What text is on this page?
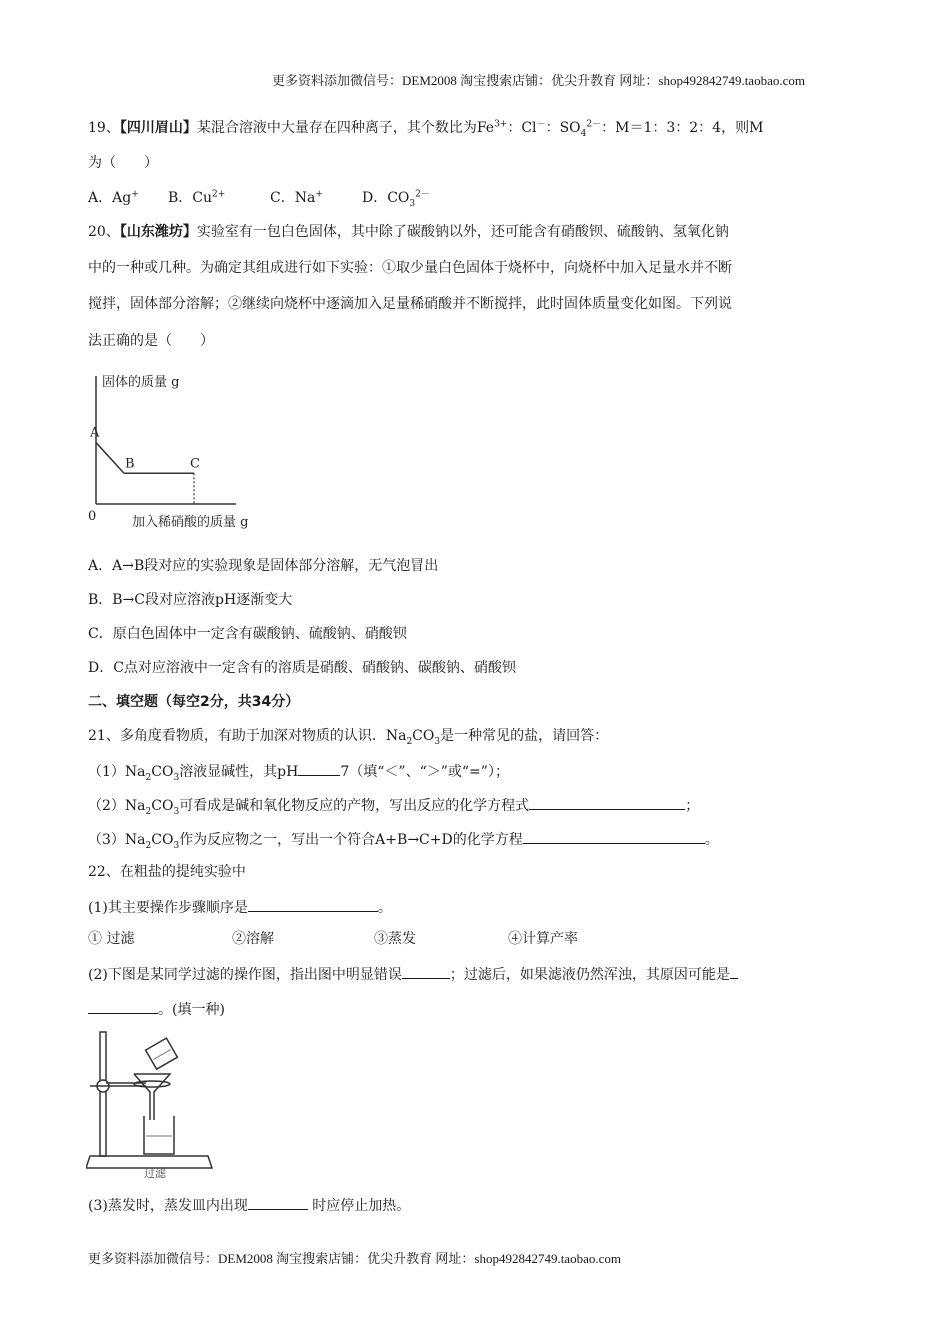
更多资料添加微信号：DEM2008 淘宝搜索店铺：优尖升教育 网址：shop492842749.taobao.com
19、【四川眉山】某混合溶液中大量存在四种离子，其个数比为$Fe^{3+}$：Cl－：$SO_4^{2-}$：M＝1：3：2：4，则M
为（　　）
A．Ag+ B．$Cu^{2+}$	C．Na+	D．$CO_3^{2-}$
20、【山东潍坊】实验室有一包白色固体，其中除了碳酸钠以外，还可能含有硝酸钡、硫酸钠、氢氧化钠
中的一种或几种。为确定其组成进行如下实验：①取少量白色固体于烧杯中，向烧杯中加入足量水并不断
搅拌，固体部分溶解；②继续向烧杯中逐滴加入足量稀硝酸并不断搅拌，此时固体质量变化如图。下列说
法正确的是（　　）
固体的质量 g
加入稀硝酸的质量 g
0
A
B	C
A．A→B段对应的实验现象是固体部分溶解，无气泡冒出
B．B→C段对应溶液pH逐渐变大
C．原白色固体中一定含有碳酸钠、硫酸钠、硝酸钡
D．C点对应溶液中一定含有的溶质是硝酸、硝酸钠、碳酸钠、硝酸钡
二、填空题（每空2分，共34分）
21、多角度看物质，有助于加深对物质的认识．$Na_2CO_3$是一种常见的盐，请回答：
$(1)Na_2CO_3$溶液显碱性，其pH	7（填“＜”、“＞”或“=”）；
$(2)Na_2CO_3$可看成是碱和氧化物反应的产物，写出反应的化学方程式	；
$(3)Na_2CO_3$作为反应物之一，写出一个符合A+B→C+D的化学方程	。
22、在粗盐的提纯实验中
(1)其主要操作步骤顺序是	。
① 过滤	②溶解	③蒸发	④计算产率
(2)下图是某同学过滤的操作图，指出图中明显错误	；过滤后，如果滤液仍然浑浊，其原因可能是
。(填一种)
过滤
(3)蒸发时，蒸发皿内出现	时应停止加热。
更多资料添加微信号：DEM2008 淘宝搜索店铺：优尖升教育 网址：shop492842749.taobao.com
